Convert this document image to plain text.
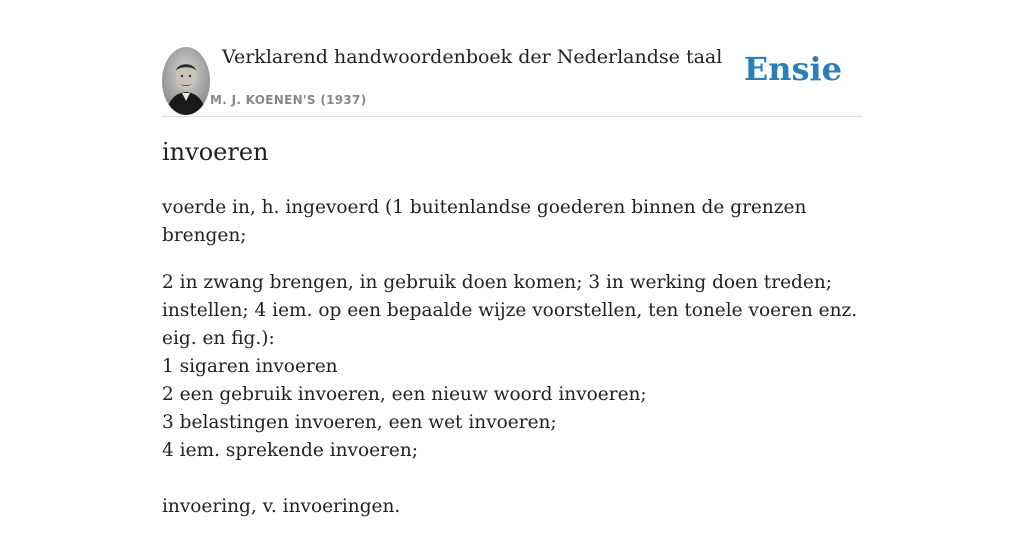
Verklarend handwoordenboek der Nederlandse taal
M. J. KOENEN'S (1937)
Ensie
invoeren

voerde in, h. ingevoerd (1 buitenlandse goederen binnen de grenzen brengen;

2 in zwang brengen, in gebruik doen komen; 3 in werking doen treden; instellen; 4 iem. op een bepaalde wijze voorstellen, ten tonele voeren enz. eig. en fig.):

1 sigaren invoeren
2 een gebruik invoeren, een nieuw woord invoeren;
3 belastingen invoeren, een wet invoeren;
4 iem. sprekende invoeren;

invoering, v. invoeringen.
